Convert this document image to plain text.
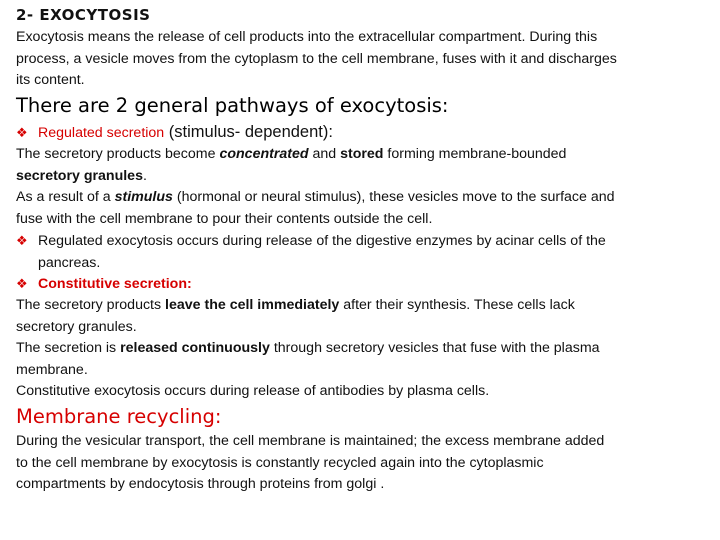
2- EXOCYTOSIS
Exocytosis means the release of cell products into the extracellular compartment. During this
process, a vesicle moves from the cytoplasm to the cell membrane, fuses with it and discharges
its content.
There are 2 general pathways of exocytosis:
❖ Regulated secretion (stimulus- dependent):
The secretory products become concentrated and stored forming membrane-bounded
secretory granules.
As a result of a stimulus (hormonal or neural stimulus), these vesicles move to the surface and
fuse with the cell membrane to pour their contents outside the cell.
❖ Regulated exocytosis occurs during release of the digestive enzymes by acinar cells of the
pancreas.
❖ Constitutive secretion:
The secretory products leave the cell immediately after their synthesis. These cells lack
secretory granules.
The secretion is released continuously through secretory vesicles that fuse with the plasma
membrane.
Constitutive exocytosis occurs during release of antibodies by plasma cells.
Membrane recycling:
During the vesicular transport, the cell membrane is maintained; the excess membrane added
to the cell membrane by exocytosis is constantly recycled again into the cytoplasmic
compartments by endocytosis through proteins from golgi .
